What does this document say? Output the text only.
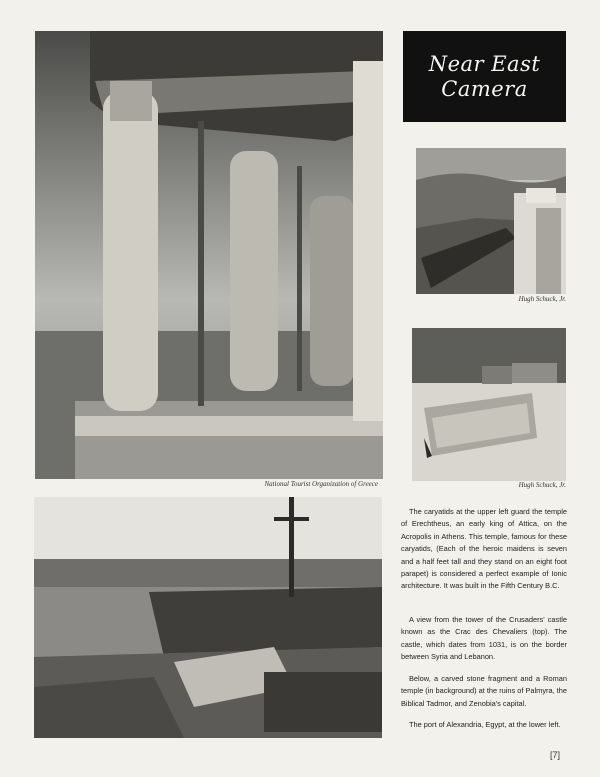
National Tourist Organization of Greece
Near East
Camera
Hugh Schuck, Jr.
Hugh Schuck, Jr.

The caryatids at the upper left guard the temple of Erechtheus, an early king of Attica, on the Acropolis in Athens. This temple, famous for these caryatids, (Each of the heroic maidens is seven and a half feet tall and they stand on an eight foot parapet) is considered a perfect example of Ionic architecture. It was built in the Fifth Century B.C.

A view from the tower of the Crusaders' castle known as the Crac des Chevaliers (top). The castle, which dates from 1031, is on the border between Syria and Lebanon.

Below, a carved stone fragment and a Roman temple (in background) at the ruins of Palmyra, the Biblical Tadmor, and Zenobia's capital.

The port of Alexandria, Egypt, at the lower left.

[7]
